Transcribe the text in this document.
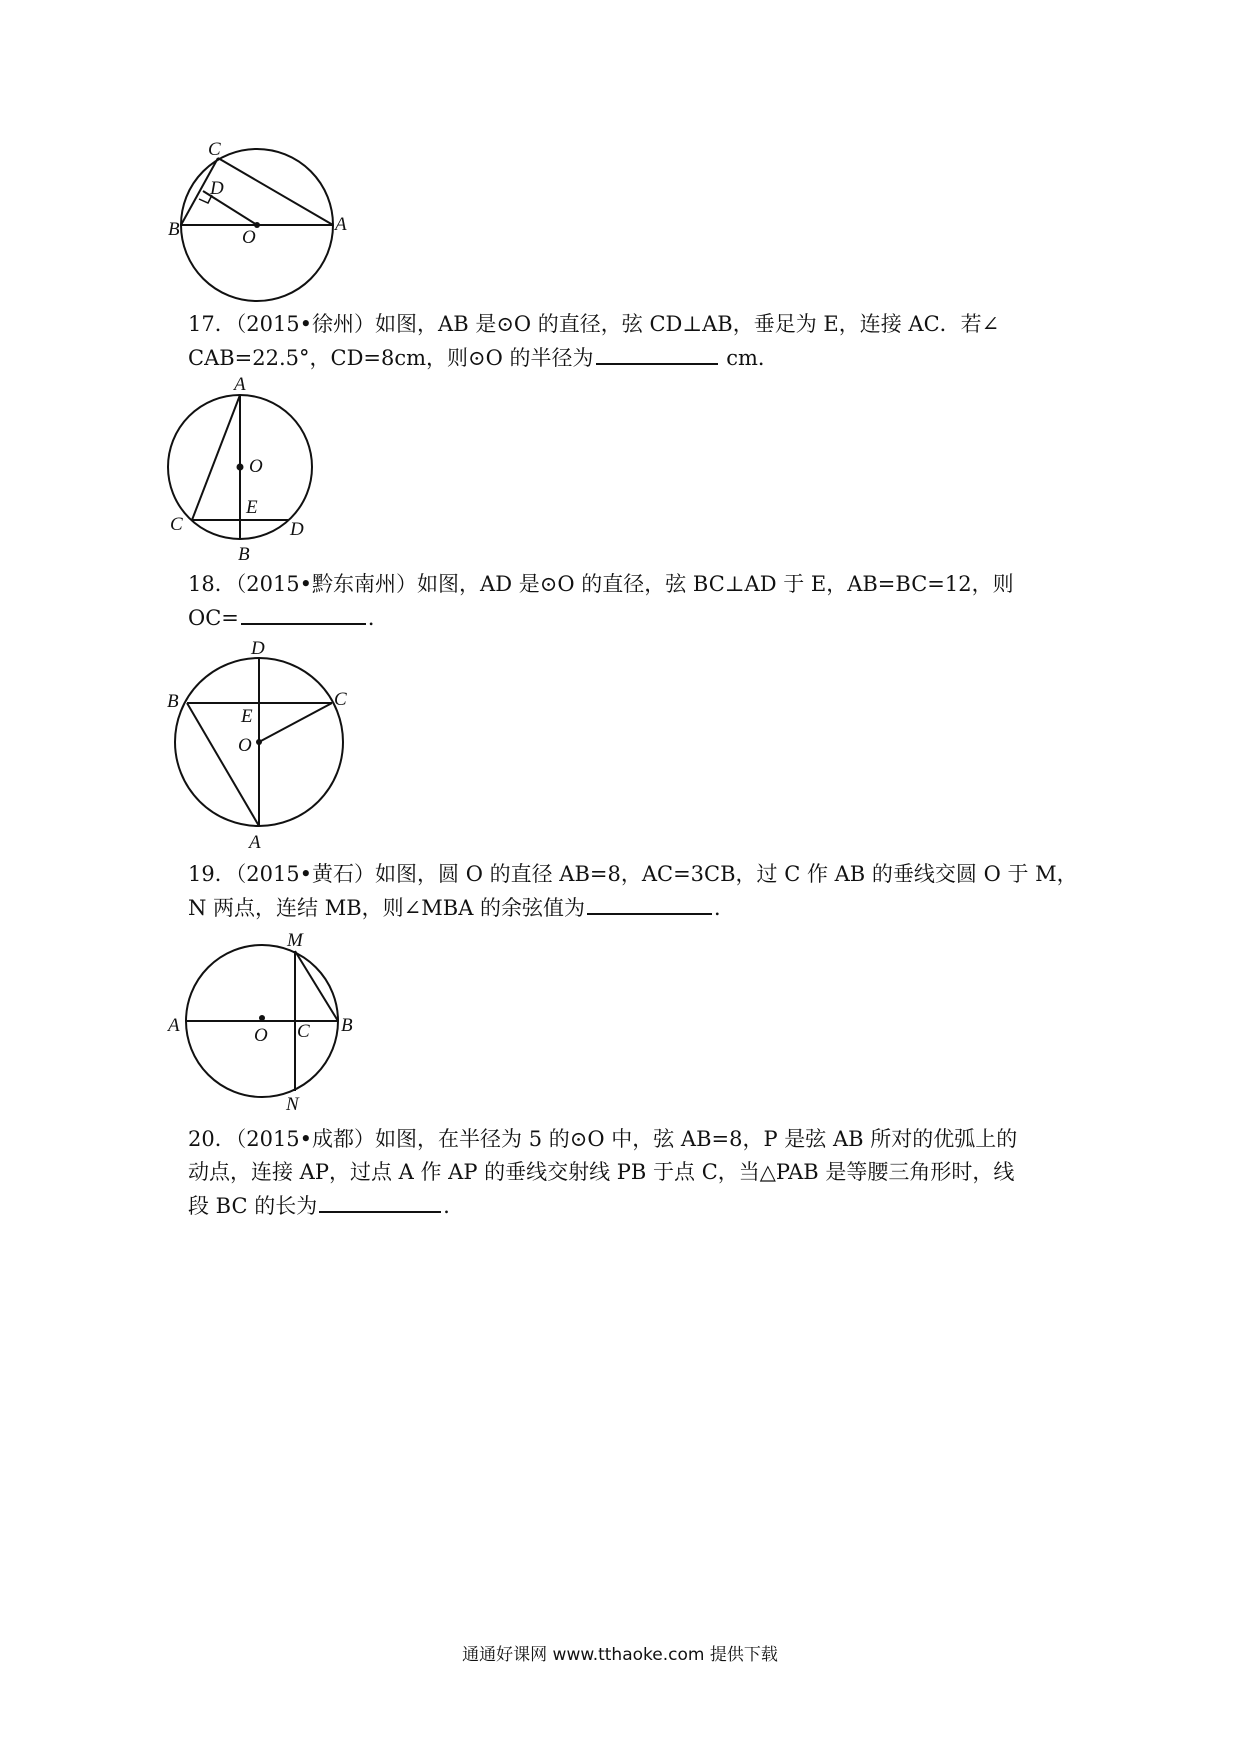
C
D
B	O
A
17．（2015•徐州）如图，AB 是⊙O 的直径，弦 CD⊥AB，垂足为 E，连接 AC．若∠
CAB=22.5°，CD=8cm，则⊙O 的半径为	cm．
A
O
E
C	D
B
18．（2015•黔东南州）如图，AD 是⊙O 的直径，弦 BC⊥AD 于 E，AB=BC=12，则
OC=	．
D
B	C
E
O
A
19．（2015•黄石）如图，圆 O 的直径 AB=8，AC=3CB，过 C 作 AB 的垂线交圆 O 于 M，
N 两点，连结 MB，则∠MBA 的余弦值为	．
M
A	O C B
N
20．（2015•成都）如图，在半径为 5 的⊙O 中，弦 AB=8，P 是弦 AB 所对的优弧上的
动点，连接 AP，过点 A 作 AP 的垂线交射线 PB 于点 C，当△PAB 是等腰三角形时，线
段 BC 的长为	．
通通好课网 www.tthaoke.com 提供下载
